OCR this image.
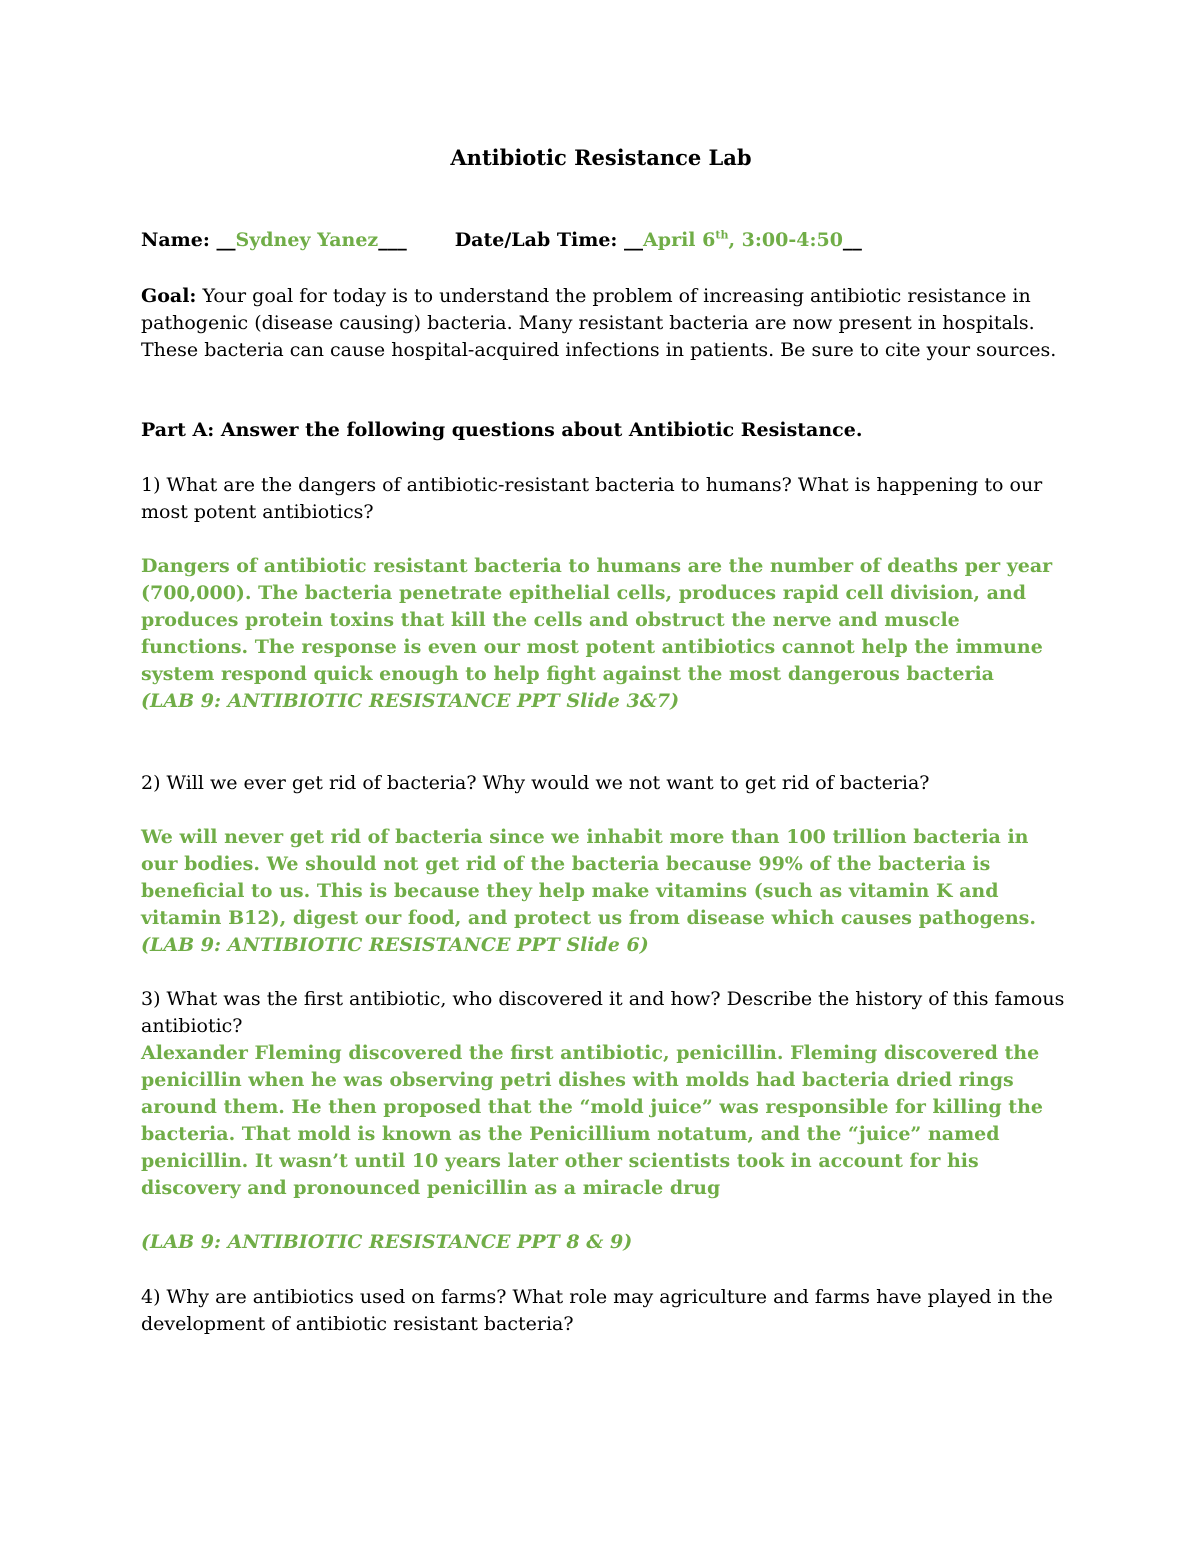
Antibiotic Resistance Lab
Name: __Sydney Yanez___	Date/Lab Time: __April 6th, 3:00-4:50__
Goal: Your goal for today is to understand the problem of increasing antibiotic resistance in pathogenic (disease causing) bacteria. Many resistant bacteria are now present in hospitals. These bacteria can cause hospital-acquired infections in patients. Be sure to cite your sources.
Part A: Answer the following questions about Antibiotic Resistance.
1) What are the dangers of antibiotic-resistant bacteria to humans? What is happening to our most potent antibiotics?
Dangers of antibiotic resistant bacteria to humans are the number of deaths per year (700,000). The bacteria penetrate epithelial cells, produces rapid cell division, and produces protein toxins that kill the cells and obstruct the nerve and muscle functions. The response is even our most potent antibiotics cannot help the immune system respond quick enough to help fight against the most dangerous bacteria
(LAB 9: ANTIBIOTIC RESISTANCE PPT Slide 3&7)
2) Will we ever get rid of bacteria? Why would we not want to get rid of bacteria?
We will never get rid of bacteria since we inhabit more than 100 trillion bacteria in our bodies. We should not get rid of the bacteria because 99% of the bacteria is beneficial to us. This is because they help make vitamins (such as vitamin K and vitamin B12), digest our food, and protect us from disease which causes pathogens.
(LAB 9: ANTIBIOTIC RESISTANCE PPT Slide 6)
3) What was the first antibiotic, who discovered it and how? Describe the history of this famous antibiotic?
Alexander Fleming discovered the first antibiotic, penicillin. Fleming discovered the penicillin when he was observing petri dishes with molds had bacteria dried rings around them. He then proposed that the “mold juice” was responsible for killing the bacteria. That mold is known as the Penicillium notatum, and the “juice” named penicillin. It wasn’t until 10 years later other scientists took in account for his discovery and pronounced penicillin as a miracle drug
(LAB 9: ANTIBIOTIC RESISTANCE PPT 8 & 9)
4) Why are antibiotics used on farms? What role may agriculture and farms have played in the development of antibiotic resistant bacteria?
